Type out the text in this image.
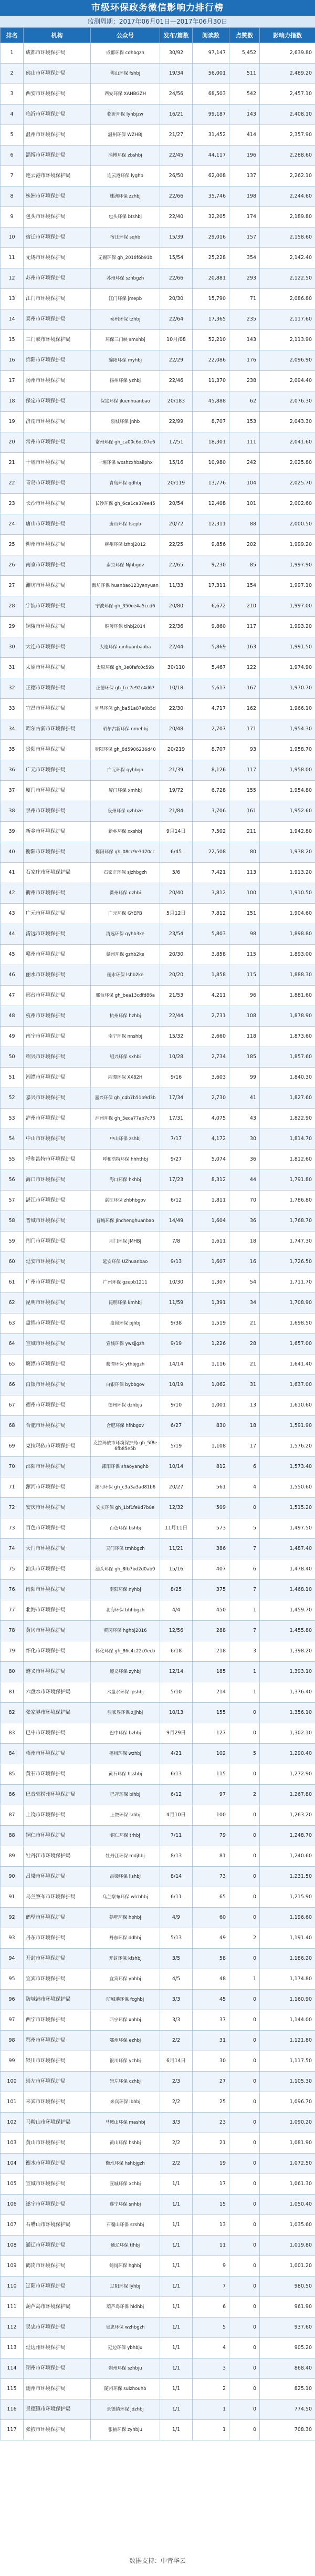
市级环保政务微信影响力排行榜
监测周期：2017年06月01日—2017年06月30日
排名	机构	公众号	发布/篇数	阅读数	点赞数	影响力指数
1	成都市环境保护局	成都环保 cdhbgzh	30/92	97,147	5,452	2,639.80
2	佛山市环境保护局	佛山环保 fshbj	19/34	56,001	511	2,489.20
3	西安市环境保护局	西安环保 XAHBGZH	24/56	68,503	542	2,457.10
4	临沂市环境保护局	临沂环保 lyhbjzw	16/21	99,187	143	2,408.10
5	温州市环境保护局	温州环保 WZHBJ	21/27	31,452	414	2,357.90
6	淄博市环境保护局	淄博环保 zbshbj	22/45	44,117	196	2,288.60
7	连云港市环境保护局	连云港环保 lyghb	26/50	62,008	137	2,262.10
8	株洲市环境保护局	株洲环保 zzhbj	22/66	35,746	198	2,244.60
9	包头市环境保护局	包头环保 btshbj	22/40	32,205	174	2,189.80
10	宿迁市环境保护局	宿迁环保 sqhb	15/39	29,016	157	2,158.60
11	无锡市环境保护局	无锡环保 gh_2018f6b91b	15/54	25,228	354	2,142.40
12	苏州市环境保护局	苏州环保 szhbgzh	22/66	20,881	293	2,122.50
13	江门市环境保护局	江门环保 jmepb	20/30	15,790	71	2,086.80
14	泰州市环境保护局	泰州环保 tzhbj	22/64	17,365	235	2,117.60
15	三门峡市环境保护局	环保三门峡 smxhbj	10月/08	52,210	143	2,113.90
16	绵阳市环境保护局	绵阳环保 myhbj	22/29	22,086	176	2,096.90
17	扬州市环境保护局	扬州环保 yzhbj	22/46	11,370	238	2,094.40
18	保定市环境保护局	保定环保 jluenhuanbao	20/183	45,888	62	2,076.30
19	济南市环境保护局	泉城环保 jnhb	22/99	8,707	153	2,043.30
20	常州市环境保护局	常州环保 gh_ca00c6dc07e6	17/51	18,301	111	2,041.60
21	十堰市环境保护局	十堰环保 wxshzxhbaiiphx	15/16	10,980	242	2,025.80
22	青岛市环境保护局	青岛环保 qdhbj	20/119	13,776	104	2,025.70
23	长沙市环境保护局	长沙环保 gh_6ca1ca37ee45	20/54	12,408	101	2,002.60
24	唐山市环境保护局	唐山环保 tsepb	20/72	12,311	88	2,000.50
25	柳州市环境保护局	柳州环保 lzhbj2012	22/25	9,856	202	1,999.20
26	南京市环境保护局	南京环保 Njhbgov	22/65	9,230	85	1,997.90
27	潍坊市环境保护局	潍坊环保 huanbao123yanyuan	11/33	17,311	154	1,997.10
28	宁波市环境保护局	宁波环保 gh_350ce4a5ccd6	20/80	6,672	210	1,997.00
29	铜陵市环境保护局	铜陵环保 tlhbj2014	22/36	9,860	117	1,993.20
30	大连市环境保护局	大连环保 qinhuanbaoba	22/44	5,869	163	1,991.50
31	太原市环境保护局	太原环保 gh_3e0fafc0c59b	30/110	5,467	122	1,974.90
32	正德市环境保护局	正德环保 gh_fcc7e92c4d67	10/18	5,617	167	1,970.70
33	宜昌市环境保护局	宜昌环保 gh_ba51a87e0b5d	22/30	4,717	162	1,966.10
34	昭尔古新市环境保护局	昭尔古新环保 nmehbj	20/48	2,707	171	1,954.30
35	贵阳市环境保护局	贵阳环保 gh_8d5906236d40	20/219	8,707	93	1,958.70
36	广元市环境保护局	广元环保 gyhbgh	21/39	8,126	117	1,958.00
37	厦门市环境保护局	厦门环保 xmhbj	19/72	6,728	155	1,954.80
38	泉州市环境保护局	泉州环保 qzhbze	21/84	3,706	161	1,952.60
39	新乡市环境保护局	新乡环保 xxshbj	9月14日	7,502	211	1,942.80
40	衡阳市环境保护局	衡阳环保 gh_08cc9e3d70cc	6/45	22,508	80	1,938.20
41	石家庄市环境保护局	石家庄环保 sjzhbgzh	5/6	7,421	113	1,913.20
42	衢州市环境保护局	衢州环保 qzhbi	20/40	3,812	100	1,910.50
43	广元市环境保护局	广元环保 GYEPB	5月12日	7,812	151	1,904.60
44	清远市环境保护局	清远环保 qyhb3ke	23/54	5,803	98	1,898.80
45	赣州市环境保护局	赣州环保 gzhb2ke	20/30	3,858	115	1,893.00
46	丽水市环境保护局	丽水环保 lshb2ke	20/20	1,858	115	1,888.30
47	邢台市环境保护局	邢台环保 gh_bea13cdfd86a	21/53	4,211	96	1,881.60
48	杭州市环境保护局	杭州环保 hzhbj	22/44	2,731	108	1,878.90
49	南宁市环境保护局	南宁环保 nnshbj	15/32	2,660	118	1,873.60
50	绍兴市环境保护局	绍兴环保 sxhbi	10/28	2,734	185	1,857.60
51	湘潭市环境保护局	湘潭环保 XX82H	9/16	3,603	99	1,840.30
52	嘉兴市环境保护局	嘉兴环保 gh_c4b7b51b9d3b	17/34	2,730	41	1,827.60
53	泸州市环境保护局	泸州环保 gh_5eca77ab7c76	17/31	4,075	43	1,822.90
54	中山市环境保护局	中山环保 zshbj	7/17	4,172	30	1,814.70
55	呼和浩特市环境保护局	呼和浩特环保 hhhthbj	9/27	5,074	36	1,812.60
56	海口市环境保护局	海口环保 hkhbj	17/23	8,312	44	1,791.80
57	湛江市环境保护局	湛江环保 zhbhbgov	6/12	1,811	70	1,786.80
58	晋城市环境保护局	晋城环保 Jinchenghuanbao	14/49	1,604	36	1,768.70
59	荆门市环境保护局	荆门环保 JMHBJ	7/8	1,611	18	1,747.30
60	延安市环境保护局	延安环保 UZhuanbao	9/13	1,607	16	1,726.50
61	广州市环境保护局	广州环保 gzepb1211	10/30	1,307	54	1,711.70
62	昆明市环境保护局	昆明环保 kmhbj	11/59	1,391	34	1,708.90
63	盘锦市环境保护局	盘锦环保 pjhbj	9/38	1,519	21	1,698.50
64	宣城市环境保护局	宣城环保 ywsjjgzh	9/19	1,226	28	1,657.00
65	鹰潭市环境保护局	鹰潭环保 ythbjgzh	14/14	1,116	21	1,641.40
66	白银市环境保护局	白银环保 bybbgov	10/19	1,062	31	1,637.00
67	德州市环境保护局	德州环保 dzhbju	9/10	1,001	13	1,610.60
68	合肥市环境保护局	合肥环保 hfhbgov	6/27	830	18	1,591.90
69	克拉玛依市环境保护局	克拉玛依市环境保护局 gh_5f8e6fb85e5b	5/19	1,108	17	1,576.20
70	邵阳市环境保护局	邵阳环保 shaoyanghb	10/14	812	6	1,573.40
71	漯河市环境保护局	漯河环保 gh_c3a3a3ad81b6	20/27	561	4	1,550.60
72	安庆市环境保护局	安庆环保 gh_1bf1fe9d7b8e	12/32	509	0	1,515.20
73	百色市环境保护局	百色环保 bshbj	11月11日	573	5	1,497.50
74	天门市环境保护局	天门环保 tmhbgzh	11/21	386	7	1,487.40
75	汕头市环境保护局	汕头环保 gh_8fb7bd2d0ab9	15/16	407	6	1,478.40
76	南阳市环境保护局	南阳环保 nyhbj	8/25	375	7	1,468.10
77	北海市环境保护局	北海环保 bhhbgzh	4/4	450	1	1,459.70
78	黄冈市环境保护局	黄冈环保 hghbj2016	12/56	288	7	1,455.80
79	怀化市环境保护局	怀化环保 gh_86c4c22c0ecb	6/18	218	3	1,398.20
80	遵义市环境保护局	遵义环保 zyhbj	12/14	185	1	1,393.10
81	六盘水市环境保护局	六盘水环保 lpshbj	5/10	214	1	1,376.40
82	张家界市环境保护局	张家界环保 zjjhbj	10/13	155	0	1,356.10
83	巴中市环境保护局	巴中环保 bzhbj	9月29日	127	0	1,302.10
84	梧州市环境保护局	梧州环保 wzhbj	4/21	102	5	1,290.40
85	黄石市环境保护局	黄石环保 hsshbj	6/13	115	0	1,272.90
86	巴音郭楞州环境保护局	巴音环保 bihbj	6/12	97	2	1,267.80
87	上饶市环境保护局	上饶环保 srhbj	4月10日	100	0	1,263.20
88	铜仁市环境保护局	铜仁环保 trhbj	7/11	79	0	1,248.70
89	牡丹江市环境保护局	牡丹江环保 mdjhbj	8/13	81	0	1,240.60
90	吕梁市环境保护局	吕梁环保 llshbj	8/14	73	0	1,231.50
91	乌兰察布市环境保护局	乌兰察布环保 wlcbhbj	6/11	65	0	1,215.90
92	鹤壁市环境保护局	鹤壁环保 hbhbj	4/9	60	0	1,196.60
93	丹东市环境保护局	丹东环保 ddhbj	5/13	49	2	1,191.40
94	开封市环境保护局	开封环保 kfshbj	3/5	58	0	1,186.20
95	宜宾市环境保护局	宜宾环保 ybhbj	4/5	48	1	1,174.80
96	防城港市环境保护局	防城港环保 fcghbj	3/3	45	0	1,160.90
97	西宁市环境保护局	西宁环保 xnhbj	3/3	37	0	1,144.00
98	鄂州市环境保护局	鄂州环保 ezhbj	2/2	31	0	1,121.80
99	银川市环境保护局	银川环保 ychbj	6月14日	30	0	1,117.50
100	崇左市环境保护局	崇左环保 czhbj	2/3	27	0	1,105.30
101	来宾市环境保护局	来宾环保 lbhbj	2/2	25	0	1,096.70
102	马鞍山市环境保护局	马鞍山环保 mashbj	3/3	23	0	1,090.20
103	黄山市环境保护局	黄山环保 hshbj	2/2	21	0	1,081.90
104	衡水市环境保护局	衡水环保 hshbjgzh	2/2	19	0	1,072.50
105	宣城市环境保护局	宣城环保 xchbj	1/1	17	0	1,061.30
106	遂宁市环境保护局	遂宁环保 snhbj	1/1	15	0	1,050.40
107	石嘴山市环境保护局	石嘴山环保 szshbj	1/1	13	0	1,035.60
108	通辽市环境保护局	通辽环保 tlhbj	1/1	11	0	1,019.80
109	鹤岗市环境保护局	鹤岗环保 hghbj	1/1	9	0	1,001.20
110	辽阳市环境保护局	辽阳环保 lyhbj	1/1	7	0	980.50
111	葫芦岛市环境保护局	葫芦岛环保 hldhbj	1/1	6	0	961.90
112	吴忠市环境保护局	吴忠环保 wzhbgzh	1/1	5	0	937.60
113	延边州环境保护局	延边环保 ybhbju	1/1	4	0	905.20
114	朔州市环境保护局	朔州环保 szhbju	1/1	3	0	868.40
115	随州市环境保护局	随州环保 suizhouhb	1/1	2	0	825.10
116	景德镇市环境保护局	景德镇环保 jdzhbj	1/1	1	0	774.50
117	张掖市环境保护局	张掖环保 zyhbju	1/1	1	0	708.30
数据支持：中青华云
